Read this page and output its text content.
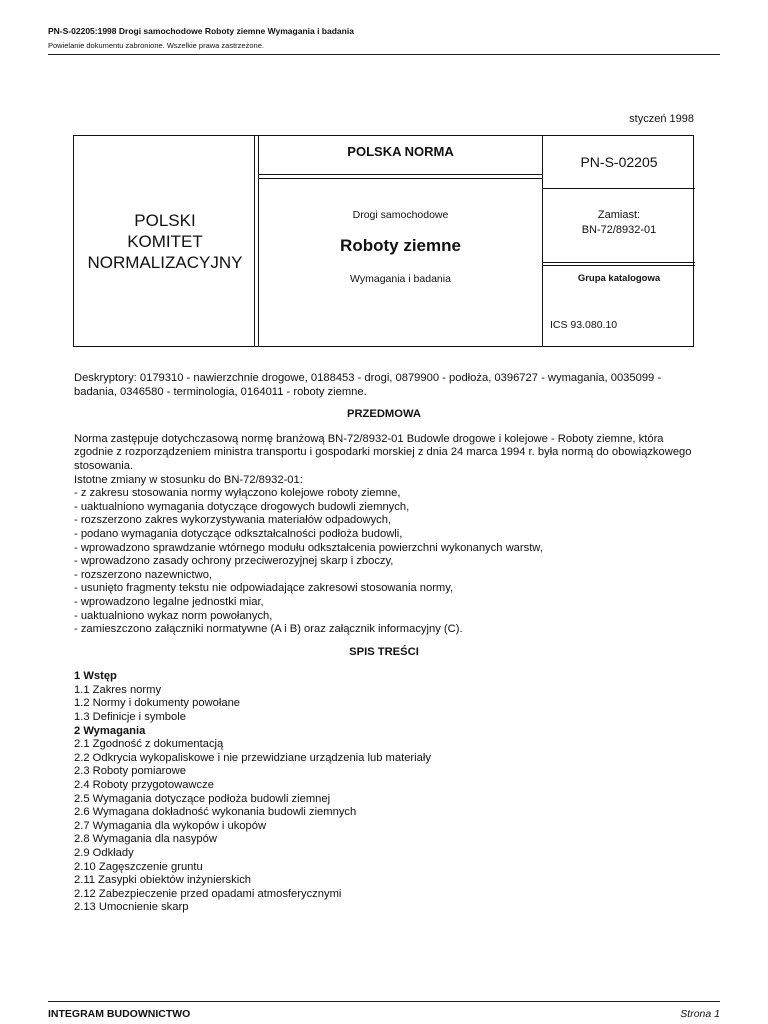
PN-S-02205:1998 Drogi samochodowe Roboty ziemne Wymagania i badania
Powielanie dokumentu zabronione. Wszelkie prawa zastrzeżone.
styczeń 1998
POLSKI
KOMITET
NORMALIZACYJNY
POLSKA NORMA
Drogi samochodowe
Roboty ziemne
Wymagania i badania
PN-S-02205
Zamiast:
BN-72/8932-01
Grupa katalogowa
ICS 93.080.10

Deskryptory: 0179310 - nawierzchnie drogowe, 0188453 - drogi, 0879900 - podłoża, 0396727 - wymagania, 0035099 - badania, 0346580 - terminologia, 0164011 - roboty ziemne.

PRZEDMOWA

Norma zastępuje dotychczasową normę branżową BN-72/8932-01 Budowle drogowe i kolejowe - Roboty ziemne, która zgodnie z rozporządzeniem ministra transportu i gospodarki morskiej z dnia 24 marca 1994 r. była normą do obowiązkowego stosowania.

Istotne zmiany w stosunku do BN-72/8932-01:

- z zakresu stosowania normy wyłączono kolejowe roboty ziemne,

- uaktualniono wymagania dotyczące drogowych budowli ziemnych,

- rozszerzono zakres wykorzystywania materiałów odpadowych,

- podano wymagania dotyczące odkształcalności podłoża budowli,

- wprowadzono sprawdzanie wtórnego modułu odkształcenia powierzchni wykonanych warstw,

- wprowadzono zasady ochrony przeciwerozyjnej skarp i zboczy,

- rozszerzono nazewnictwo,

- usunięto fragmenty tekstu nie odpowiadające zakresowi stosowania normy,

- wprowadzono legalne jednostki miar,

- uaktualniono wykaz norm powołanych,

- zamieszczono załączniki normatywne (A i B) oraz załącznik informacyjny (C).

SPIS TREŚCI

1 Wstęp

1.1 Zakres normy

1.2 Normy i dokumenty powołane

1.3 Definicje i symbole

2 Wymagania

2.1 Zgodność z dokumentacją

2.2 Odkrycia wykopaliskowe i nie przewidziane urządzenia lub materiały

2.3 Roboty pomiarowe

2.4 Roboty przygotowawcze

2.5 Wymagania dotyczące podłoża budowli ziemnej

2.6 Wymagana dokładność wykonania budowli ziemnych

2.7 Wymagania dla wykopów i ukopów

2.8 Wymagania dla nasypów

2.9 Odkłady

2.10 Zagęszczenie gruntu

2.11 Zasypki obiektów inżynierskich

2.12 Zabezpieczenie przed opadami atmosferycznymi

2.13 Umocnienie skarp

INTEGRAM BUDOWNICTWO	Strona 1
